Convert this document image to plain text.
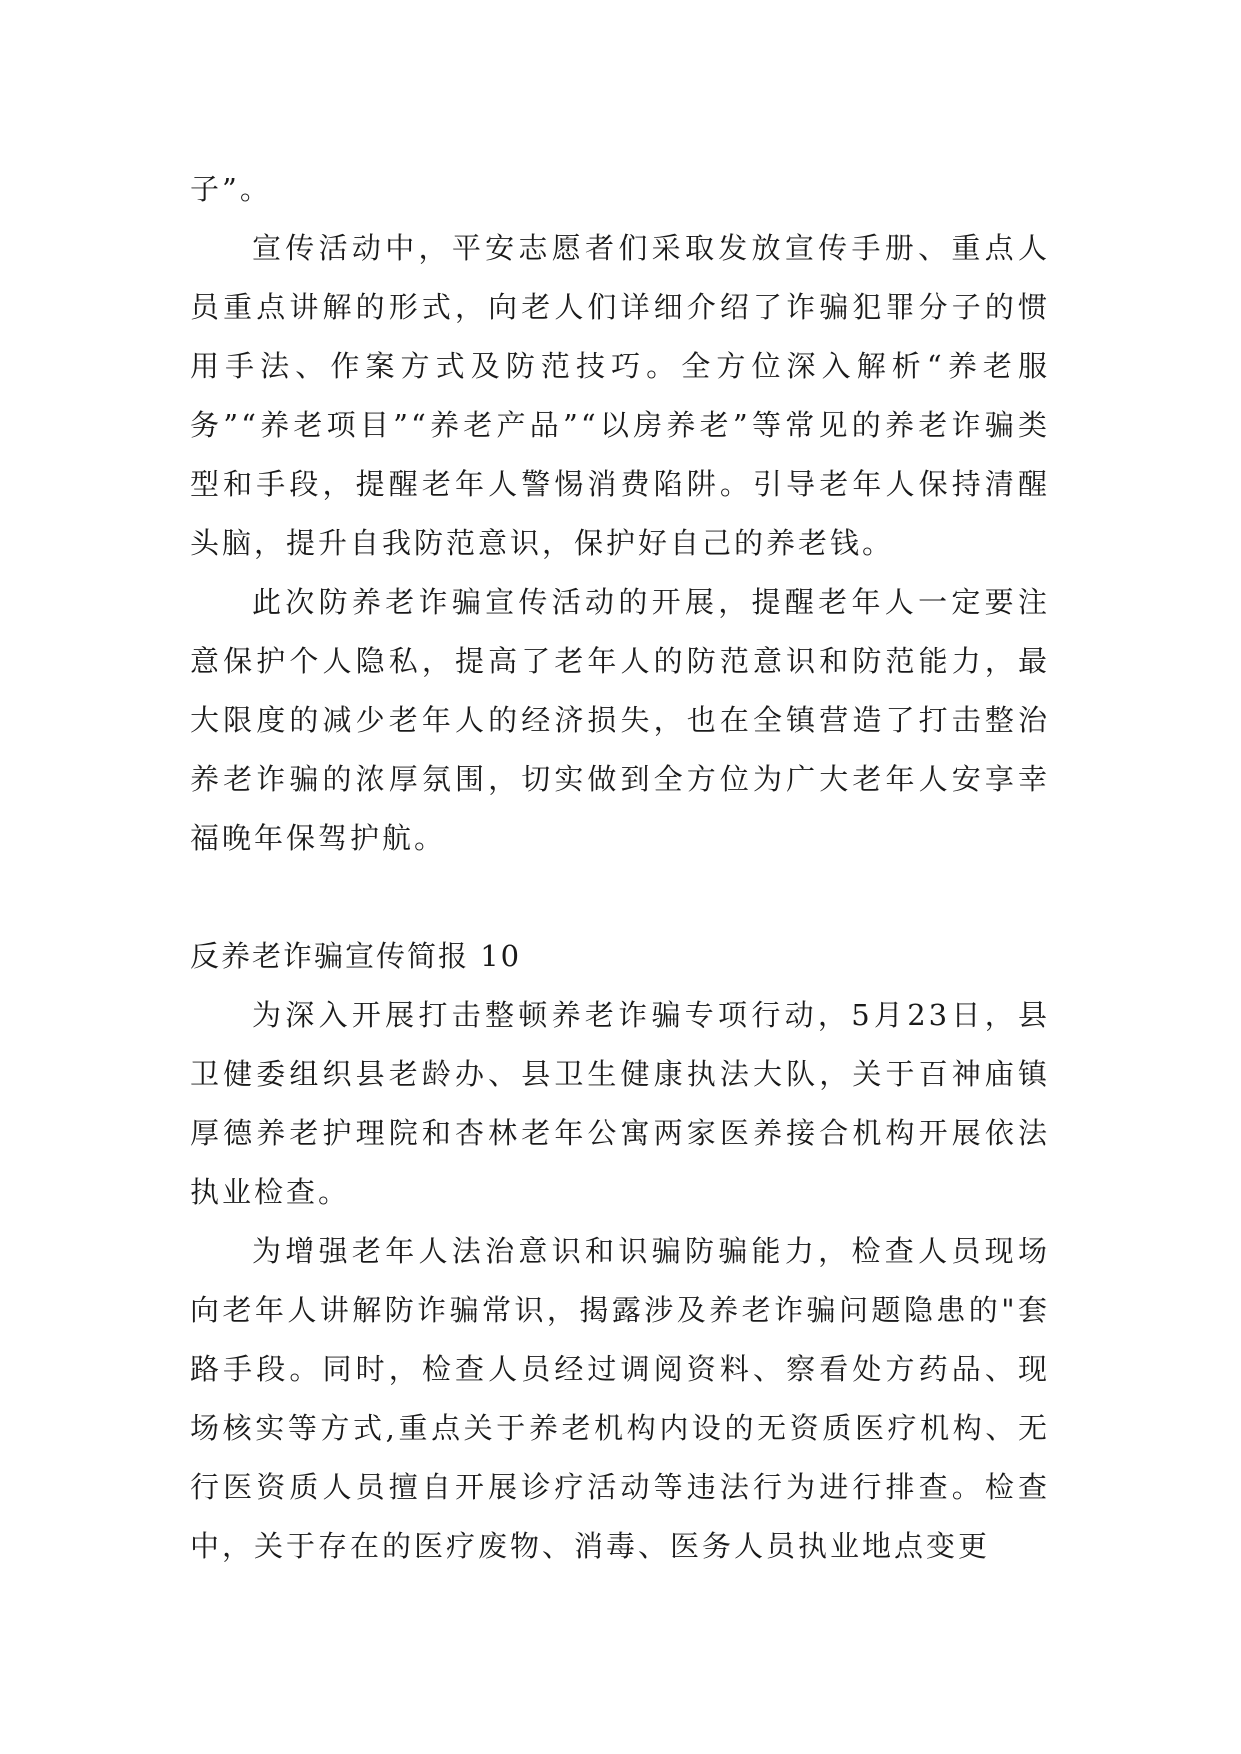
子”。

宣传活动中，平安志愿者们采取发放宣传手册、重点人员重点讲解的形式，向老人们详细介绍了诈骗犯罪分子的惯用手法、作案方式及防范技巧。全方位深入解析“养老服务”“养老项目”“养老产品”“以房养老”等常见的养老诈骗类型和手段，提醒老年人警惕消费陷阱。引导老年人保持清醒头脑，提升自我防范意识，保护好自己的养老钱。

此次防养老诈骗宣传活动的开展，提醒老年人一定要注意保护个人隐私，提高了老年人的防范意识和防范能力，最大限度的减少老年人的经济损失，也在全镇营造了打击整治养老诈骗的浓厚氛围，切实做到全方位为广大老年人安享幸福晚年保驾护航。

反养老诈骗宣传简报 10

为深入开展打击整顿养老诈骗专项行动，5月23日，县卫健委组织县老龄办、县卫生健康执法大队，关于百神庙镇厚德养老护理院和杏林老年公寓两家医养接合机构开展依法执业检查。

为增强老年人法治意识和识骗防骗能力，检查人员现场向老年人讲解防诈骗常识，揭露涉及养老诈骗问题隐患的"套路手段。同时，检查人员经过调阅资料、察看处方药品、现场核实等方式,重点关于养老机构内设的无资质医疗机构、无行医资质人员擅自开展诊疗活动等违法行为进行排查。检查中，关于存在的医疗废物、消毒、医务人员执业地点变更
